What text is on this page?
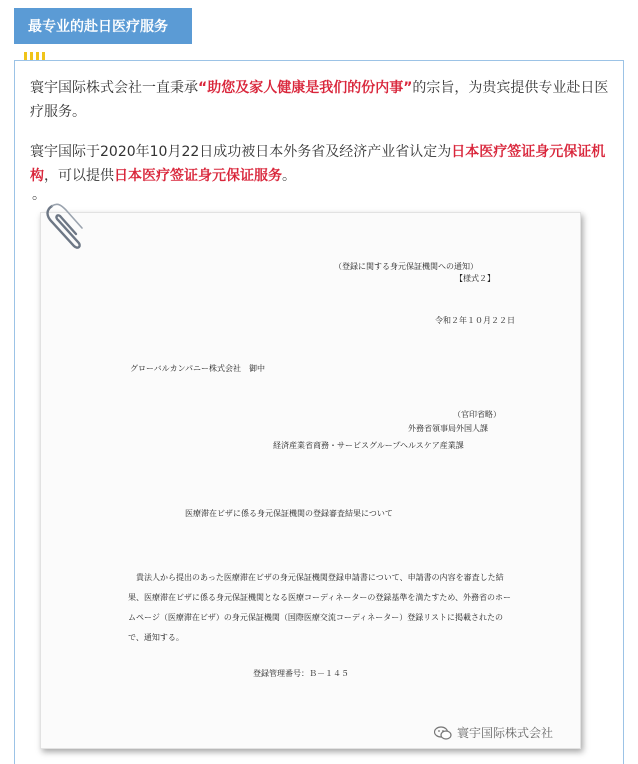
最专业的赴日医疗服务
寰宇国际株式会社一直秉承“助您及家人健康是我们的份内事”的宗旨，为贵宾提供专业赴日医疗服务。
寰宇国际于2020年10月22日成功被日本外务省及经济产业省认定为日本医疗签证身元保证机构，可以提供日本医疗签证身元保证服务。
。
（登録に関する身元保証機関への通知）
【様式２】
令和２年１０月２２日
グローバルカンパニー株式会社　御中
（官印省略）
外務省領事局外国人課
経済産業省商務・サービスグループヘルスケア産業課
医療滞在ビザに係る身元保証機関の登録審査結果について
貴法人から提出のあった医療滞在ビザの身元保証機関登録申請書について、申請書の内容を審査した結果、医療滞在ビザに係る身元保証機関となる医療コーディネーターの登録基準を満たすため、外務省のホームページ（医療滞在ビザ）の身元保証機関（国際医療交流コーディネーター）登録リストに掲載されたので、通知する。
登録管理番号：Ｂ－１４５
寰宇国际株式会社
